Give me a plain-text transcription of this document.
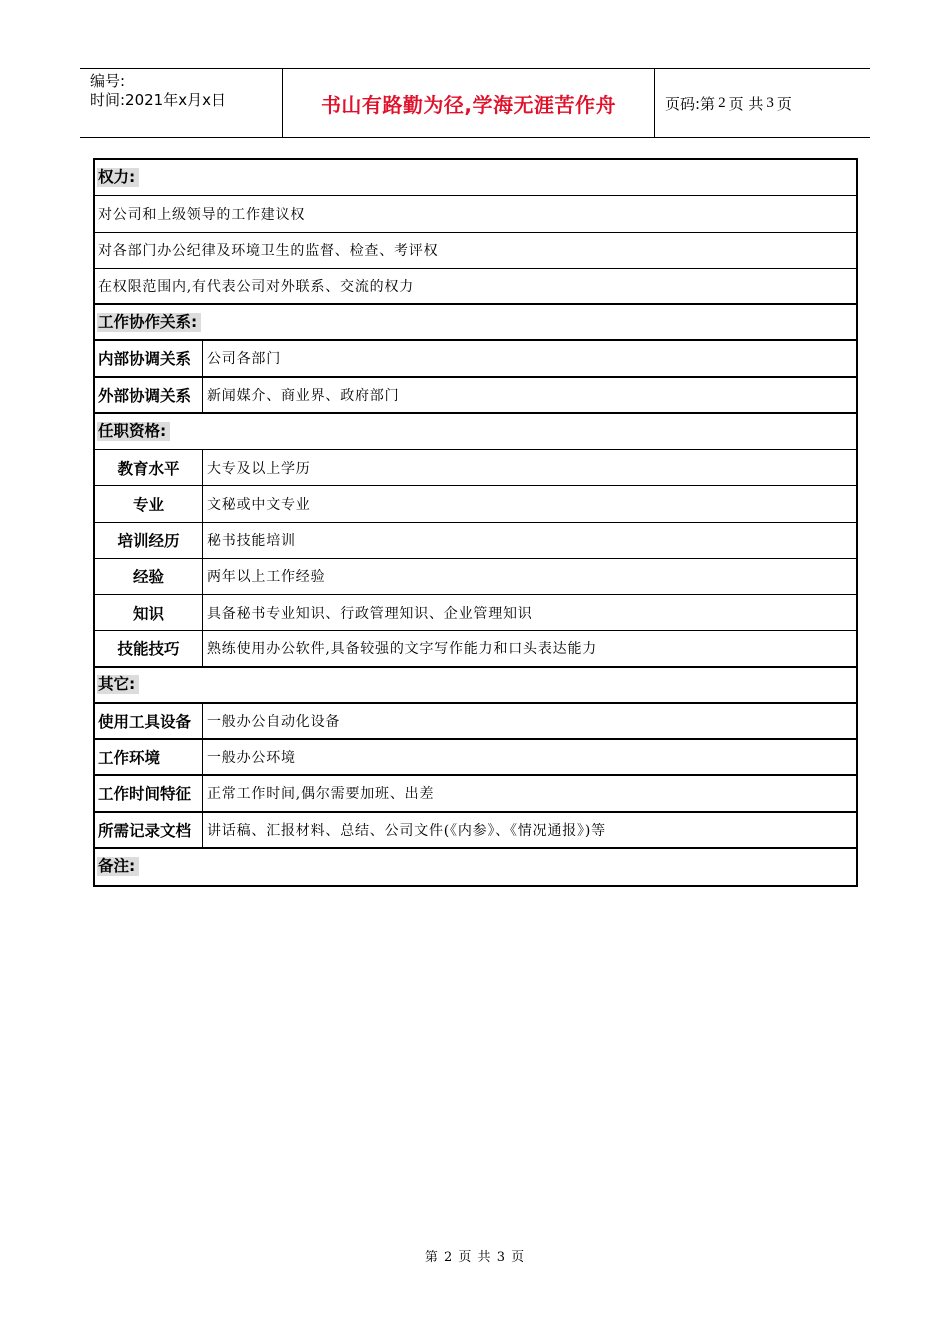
编号:
时间:2021年x月x日	书山有路勤为径,学海无涯苦作舟	页码:第 2 页 共 3 页
权力:
对公司和上级领导的工作建议权
对各部门办公纪律及环境卫生的监督、检查、考评权
在权限范围内,有代表公司对外联系、交流的权力
工作协作关系:
内部协调关系	公司各部门
外部协调关系	新闻媒介、商业界、政府部门
任职资格:
教育水平	大专及以上学历
专业	文秘或中文专业
培训经历	秘书技能培训
经验	两年以上工作经验
知识	具备秘书专业知识、行政管理知识、企业管理知识
技能技巧	熟练使用办公软件,具备较强的文字写作能力和口头表达能力
其它:
使用工具设备	一般办公自动化设备
工作环境	一般办公环境
工作时间特征	正常工作时间,偶尔需要加班、出差
所需记录文档	讲话稿、汇报材料、总结、公司文件(《内参》、《情况通报》)等
备注:
第 2 页 共 3 页
